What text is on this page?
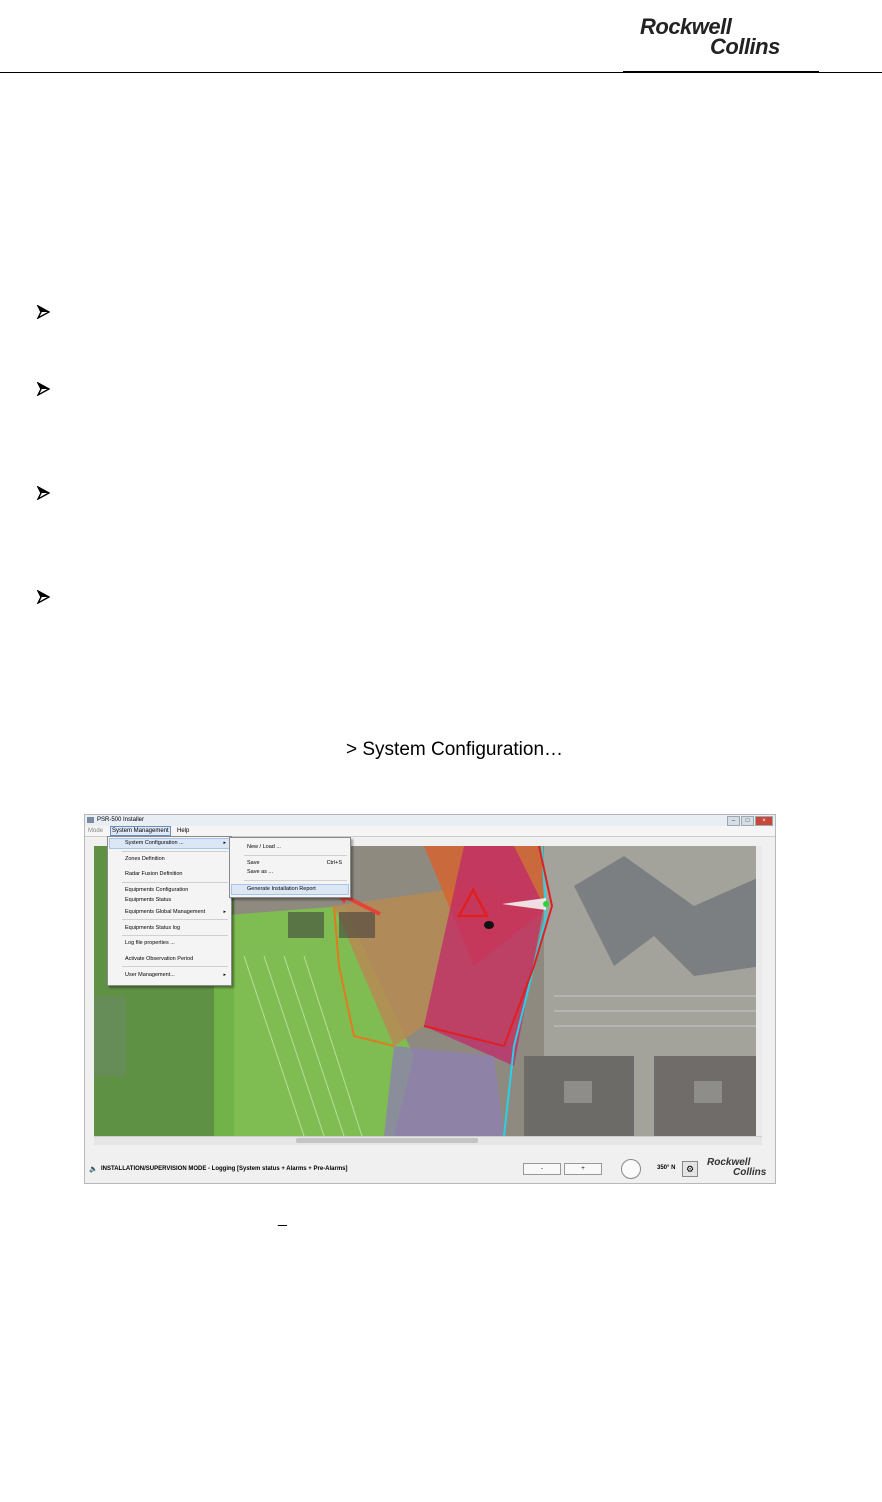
Rockwell
Collins
> System Configuration…
PSR-500 Installer	–	□	×
Mode	System Management	Help
System Configuration ...	▸
Zones Definition
Radar Fusion Definition
Equipments Configuration
Equipments Status
Equipments Global Management	▸
Equipments Status log
Log file properties ...
Activate Observation Period
User Management...	▸
New / Load ...
Save	Ctrl+S
Save as ...
Generate Installation Report
🔈 INSTALLATION/SUPERVISION MODE - Logging [System status + Alarms + Pre-Alarms]	-	+	350° N	⚙
Rockwell
Collins
_
